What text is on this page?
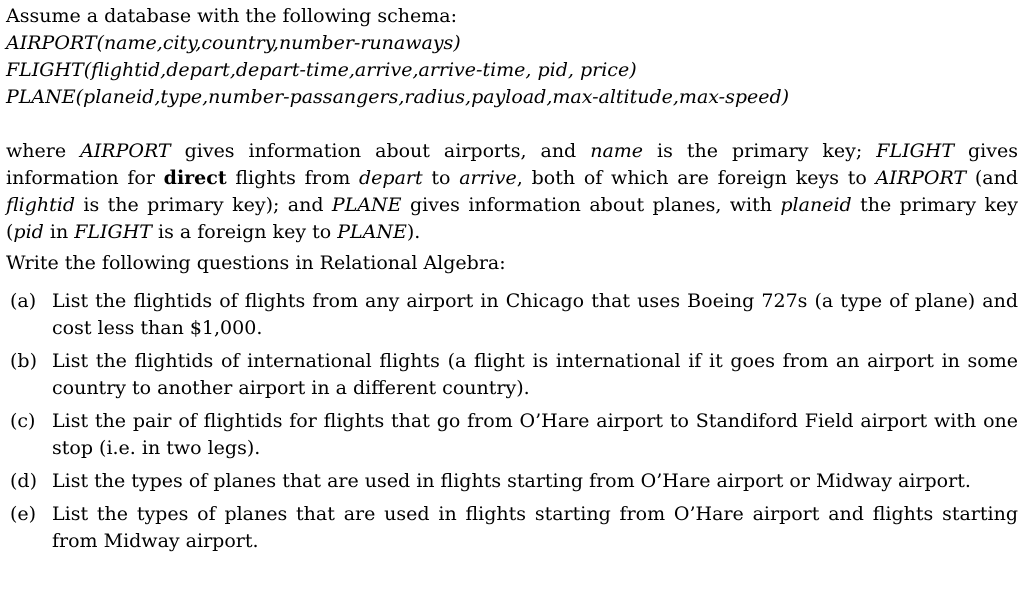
Assume a database with the following schema:

AIRPORT(name,city,country,number-runaways)
FLIGHT(flightid,depart,depart-time,arrive,arrive-time, pid, price)
PLANE(planeid,type,number-passangers,radius,payload,max-altitude,max-speed)

where AIRPORT gives information about airports, and name is the primary key; FLIGHT gives information for direct flights from depart to arrive, both of which are foreign keys to AIRPORT (and flightid is the primary key); and PLANE gives information about planes, with planeid the primary key (pid in FLIGHT is a foreign key to PLANE).

Write the following questions in Relational Algebra:

(a) List the flightids of flights from any airport in Chicago that uses Boeing 727s (a type of plane) and cost less than $1,000.
(b) List the flightids of international flights (a flight is international if it goes from an airport in some country to another airport in a different country).
(c) List the pair of flightids for flights that go from O’Hare airport to Standiford Field airport with one stop (i.e. in two legs).
(d) List the types of planes that are used in flights starting from O’Hare airport or Midway airport.
(e) List the types of planes that are used in flights starting from O’Hare airport and flights starting from Midway airport.
